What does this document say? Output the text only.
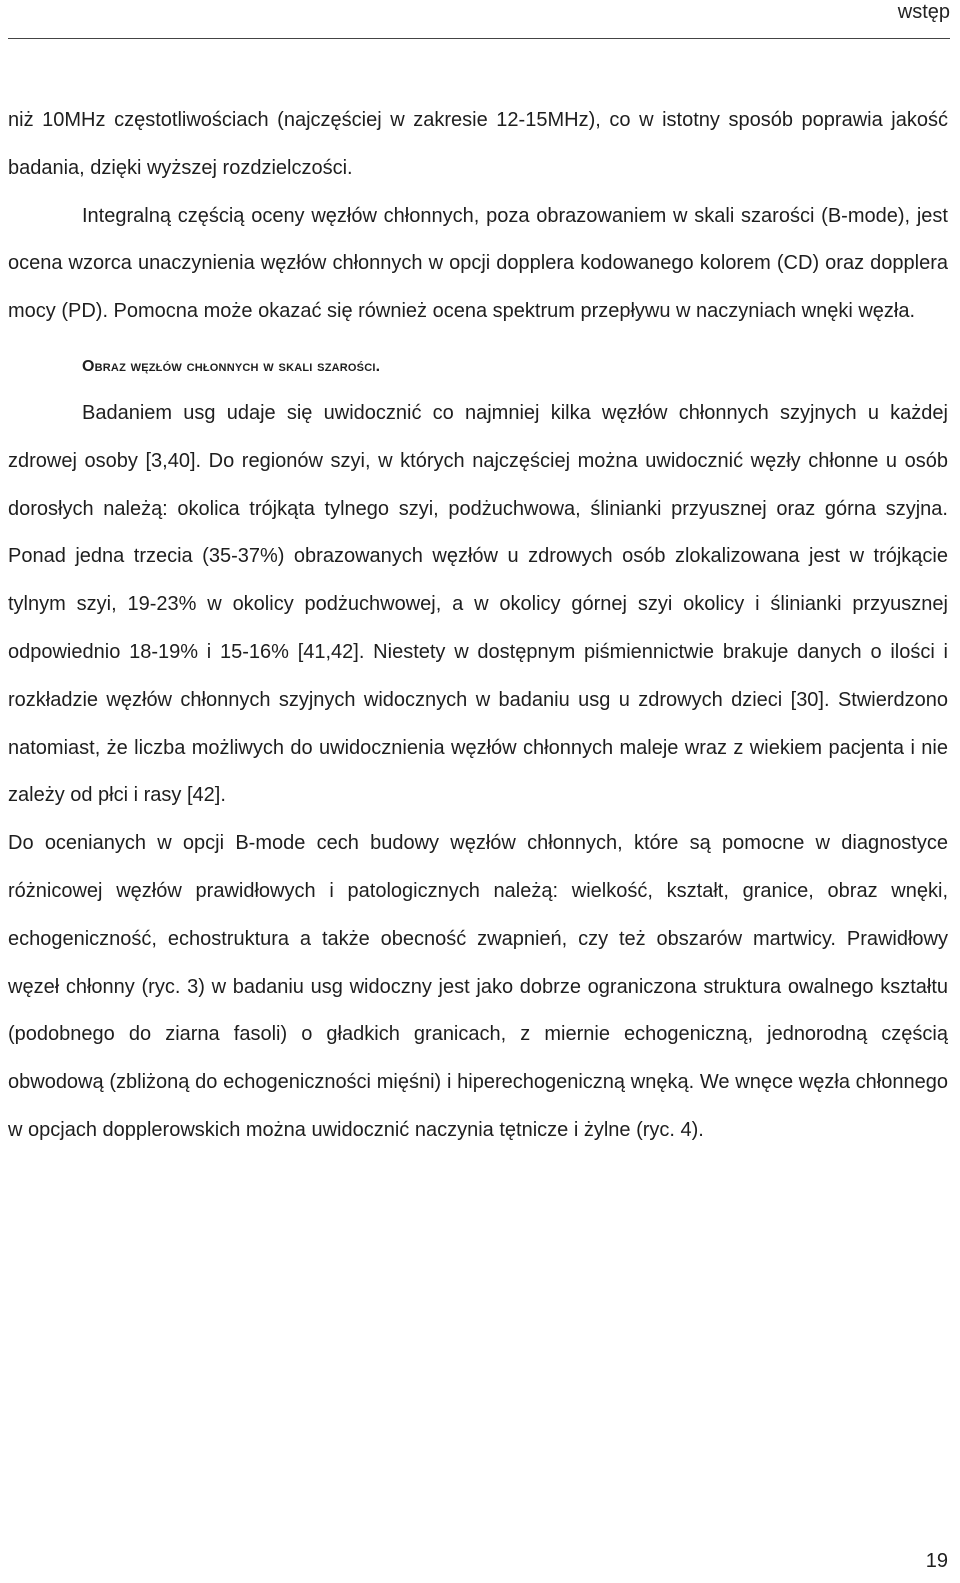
wstęp

niż 10MHz częstotliwościach (najczęściej w zakresie 12-15MHz), co w istotny sposób poprawia jakość badania, dzięki wyższej rozdzielczości.

Integralną częścią oceny węzłów chłonnych, poza obrazowaniem w skali szarości (B-mode), jest ocena wzorca unaczynienia węzłów chłonnych w opcji dopplera kodowanego kolorem (CD) oraz dopplera mocy (PD). Pomocna może okazać się również ocena spektrum przepływu w naczyniach wnęki węzła.

Obraz węzłów chłonnych w skali szarości.

Badaniem usg udaje się uwidocznić co najmniej kilka węzłów chłonnych szyjnych u każdej zdrowej osoby [3,40]. Do regionów szyi, w których najczęściej można uwidocznić węzły chłonne u osób dorosłych należą: okolica trójkąta tylnego szyi, podżuchwowa, ślinianki przyusznej oraz górna szyjna. Ponad jedna trzecia (35-37%) obrazowanych węzłów u zdrowych osób zlokalizowana jest w trójkącie tylnym szyi, 19-23% w okolicy podżuchwowej, a w okolicy górnej szyi okolicy i ślinianki przyusznej odpowiednio 18-19% i 15-16% [41,42]. Niestety w dostępnym piśmiennictwie brakuje danych o ilości i rozkładzie węzłów chłonnych szyjnych widocznych w badaniu usg u zdrowych dzieci [30]. Stwierdzono natomiast, że liczba możliwych do uwidocznienia węzłów chłonnych maleje wraz z wiekiem pacjenta i nie zależy od płci i rasy [42].

Do ocenianych w opcji B-mode cech budowy węzłów chłonnych, które są pomocne w diagnostyce różnicowej węzłów prawidłowych i patologicznych należą: wielkość, kształt, granice, obraz wnęki, echogeniczność, echostruktura a także obecność zwapnień, czy też obszarów martwicy. Prawidłowy węzeł chłonny (ryc. 3) w badaniu usg widoczny jest jako dobrze ograniczona struktura owalnego kształtu (podobnego do ziarna fasoli) o gładkich granicach, z miernie echogeniczną, jednorodną częścią obwodową (zbliżoną do echogeniczności mięśni) i hiperechogeniczną wnęką. We wnęce węzła chłonnego w opcjach dopplerowskich można uwidocznić naczynia tętnicze i żylne (ryc. 4).

19
